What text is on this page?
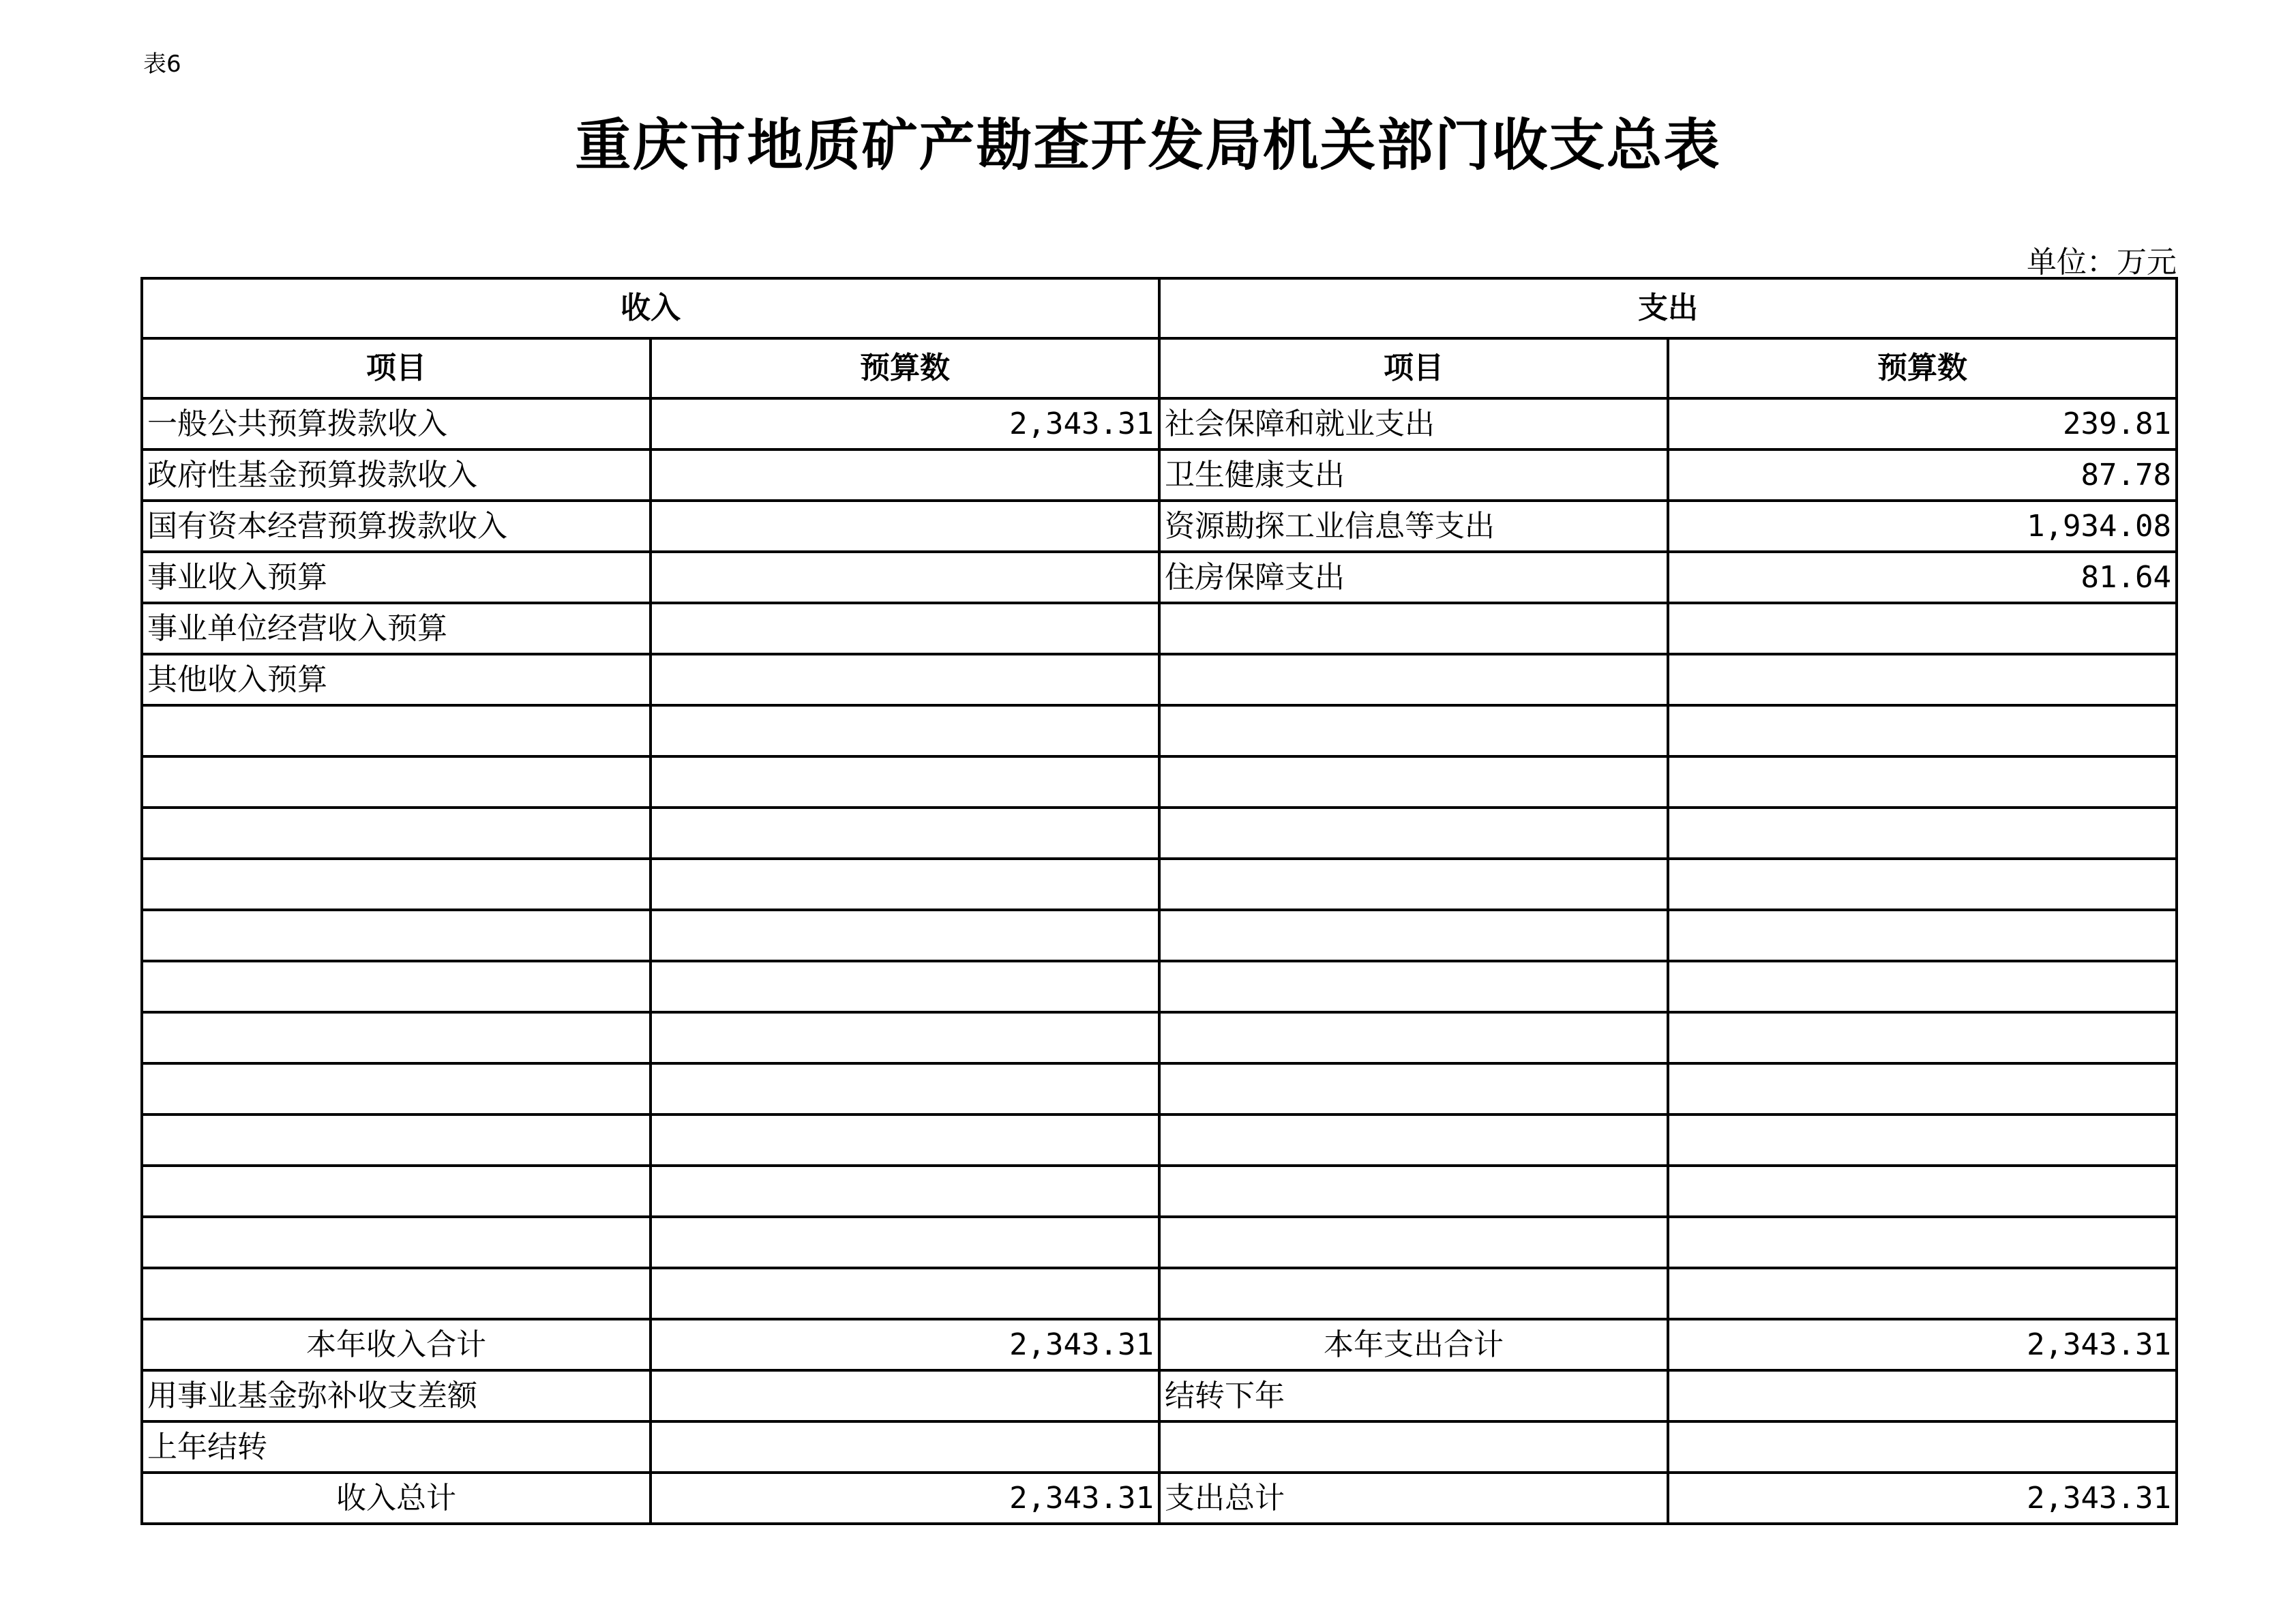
表6
重庆市地质矿产勘查开发局机关部门收支总表
单位：万元
收入		支出	
项目	预算数	项目	预算数
一般公共预算拨款收入	2,343.31	社会保障和就业支出	239.81
政府性基金预算拨款收入		卫生健康支出	87.78
国有资本经营预算拨款收入		资源勘探工业信息等支出	1,934.08
事业收入预算		住房保障支出	81.64
事业单位经营收入预算			
其他收入预算			

本年收入合计	2,343.31	本年支出合计	2,343.31
用事业基金弥补收支差额		结转下年	
上年结转			
收入总计	2,343.31	支出总计	2,343.31
